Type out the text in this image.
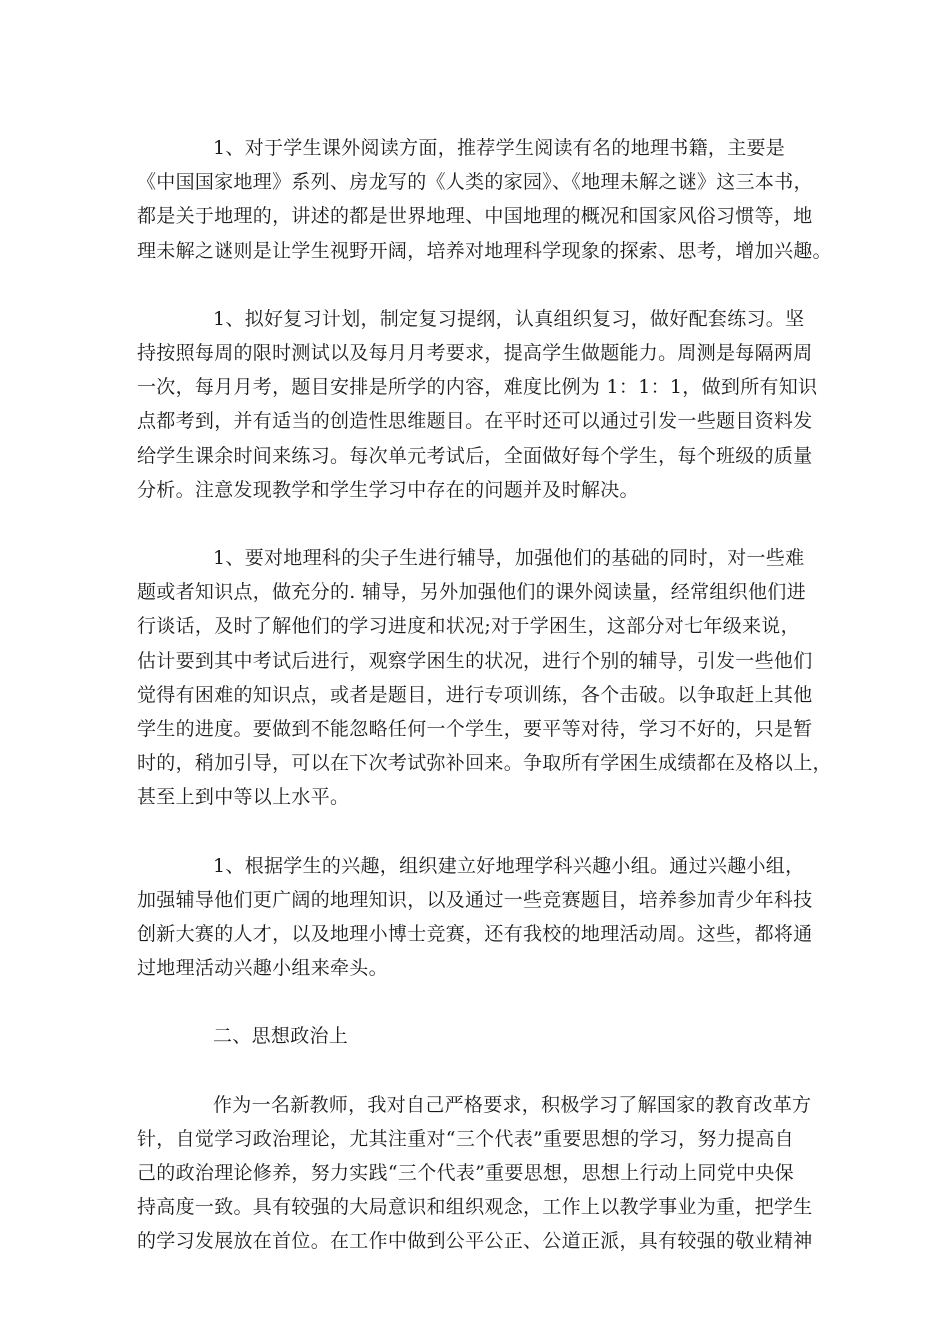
1、对于学生课外阅读方面，推荐学生阅读有名的地理书籍，主要是
《中国国家地理》系列、房龙写的《人类的家园》、《地理未解之谜》这三本书，
都是关于地理的，讲述的都是世界地理、中国地理的概况和国家风俗习惯等，地
理未解之谜则是让学生视野开阔，培养对地理科学现象的探索、思考，增加兴趣。
1、拟好复习计划，制定复习提纲，认真组织复习，做好配套练习。坚
持按照每周的限时测试以及每月月考要求，提高学生做题能力。周测是每隔两周
一次，每月月考，题目安排是所学的内容，难度比例为 1：1：1，做到所有知识
点都考到，并有适当的创造性思维题目。在平时还可以通过引发一些题目资料发
给学生课余时间来练习。每次单元考试后，全面做好每个学生，每个班级的质量
分析。注意发现教学和学生学习中存在的问题并及时解决。
1、要对地理科的尖子生进行辅导，加强他们的基础的同时，对一些难
题或者知识点，做充分的. 辅导，另外加强他们的课外阅读量，经常组织他们进
行谈话，及时了解他们的学习进度和状况;对于学困生，这部分对七年级来说，
估计要到其中考试后进行，观察学困生的状况，进行个别的辅导，引发一些他们
觉得有困难的知识点，或者是题目，进行专项训练，各个击破。以争取赶上其他
学生的进度。要做到不能忽略任何一个学生，要平等对待，学习不好的，只是暂
时的，稍加引导，可以在下次考试弥补回来。争取所有学困生成绩都在及格以上，
甚至上到中等以上水平。
1、根据学生的兴趣，组织建立好地理学科兴趣小组。通过兴趣小组，
加强辅导他们更广阔的地理知识，以及通过一些竞赛题目，培养参加青少年科技
创新大赛的人才，以及地理小博士竞赛，还有我校的地理活动周。这些，都将通
过地理活动兴趣小组来牵头。
二、思想政治上
作为一名新教师，我对自己严格要求，积极学习了解国家的教育改革方
针，自觉学习政治理论，尤其注重对“三个代表”重要思想的学习，努力提高自
己的政治理论修养，努力实践“三个代表”重要思想，思想上行动上同党中央保
持高度一致。具有较强的大局意识和组织观念，工作上以教学事业为重，把学生
的学习发展放在首位。在工作中做到公平公正、公道正派，具有较强的敬业精神
